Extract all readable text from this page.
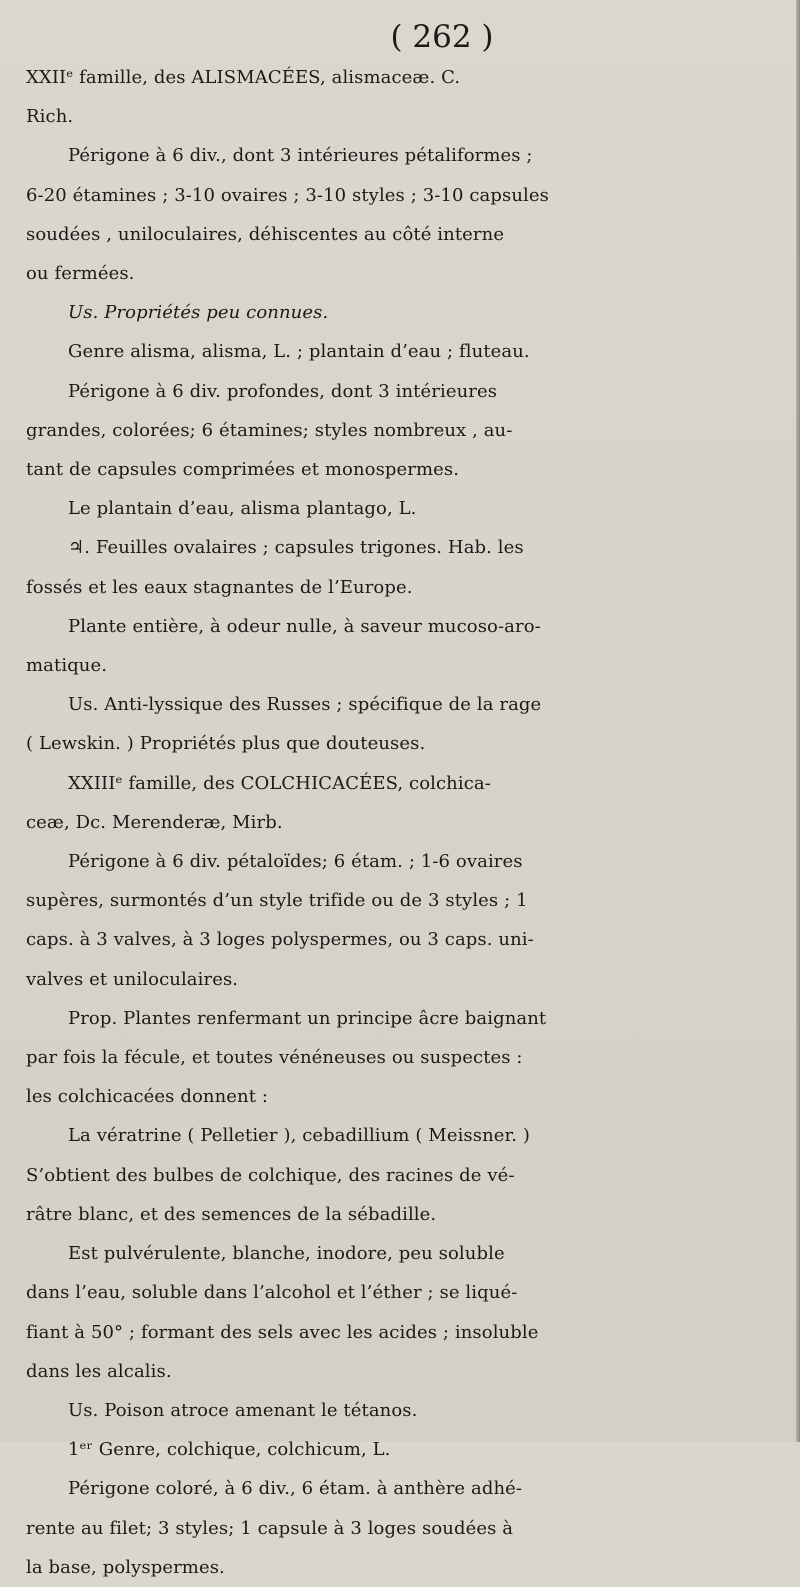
( 262 )
XXIIᵉ famille, des ALISMACÉES, alismaceæ. C.
Rich.
Périgone à 6 div., dont 3 intérieures pétaliformes ;
6-20 étamines ; 3-10 ovaires ; 3-10 styles ; 3-10 capsules
soudées , uniloculaires, déhiscentes au côté interne
ou fermées.
Us. Propriétés peu connues.
Genre alisma, alisma, L. ; plantain d’eau ; fluteau.
Périgone à 6 div. profondes, dont 3 intérieures
grandes, colorées; 6 étamines; styles nombreux , au-
tant de capsules comprimées et monospermes.
Le plantain d’eau, alisma plantago, L.
♃. Feuilles ovalaires ; capsules trigones. Hab. les
fossés et les eaux stagnantes de l’Europe.
Plante entière, à odeur nulle, à saveur mucoso-aro-
matique.
Us. Anti-lyssique des Russes ; spécifique de la rage
( Lewskin. ) Propriétés plus que douteuses.
XXIIIᵉ famille, des COLCHICACÉES, colchica-
ceæ, Dc. Merenderæ, Mirb.
Périgone à 6 div. pétaloïdes; 6 étam. ; 1-6 ovaires
supères, surmontés d’un style trifide ou de 3 styles ; 1
caps. à 3 valves, à 3 loges polyspermes, ou 3 caps. uni-
valves et uniloculaires.
Prop. Plantes renfermant un principe âcre baignant
par fois la fécule, et toutes vénéneuses ou suspectes :
les colchicacées donnent :
La vératrine ( Pelletier ), cebadillium ( Meissner. )
S’obtient des bulbes de colchique, des racines de vé-
râtre blanc, et des semences de la sébadille.
Est pulvérulente, blanche, inodore, peu soluble
dans l’eau, soluble dans l’alcohol et l’éther ; se liqué-
fiant à 50° ; formant des sels avec les acides ; insoluble
dans les alcalis.
Us. Poison atroce amenant le tétanos.
1ᵉʳ Genre, colchique, colchicum, L.
Périgone coloré, à 6 div., 6 étam. à anthère adhé-
rente au filet; 3 styles; 1 capsule à 3 loges soudées à
la base, polyspermes.
